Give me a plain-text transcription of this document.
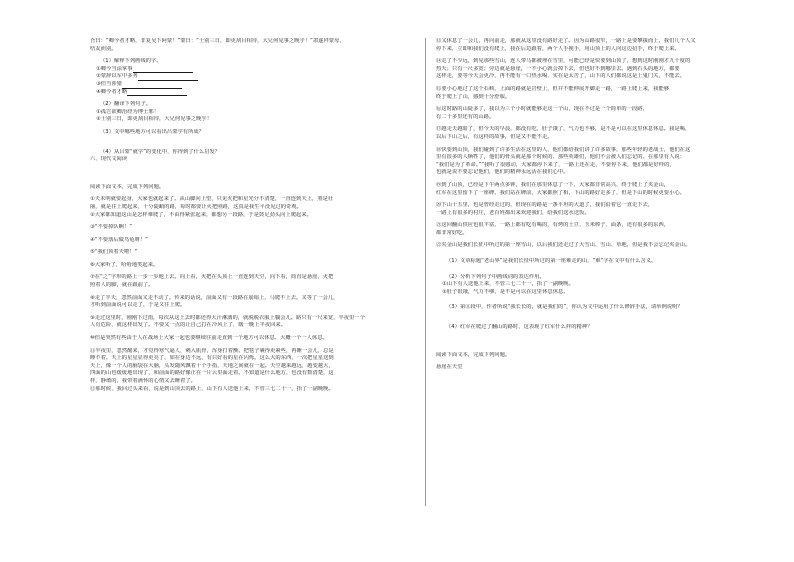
吾曰：“卿今者才略，非复吴下阿蒙！”蒙曰：“士别三日，即更刮目相待，大兄何见事之晚乎！”肃遂拜蒙母，
结友而别。
（1）解释下列画线的字。
①卿今当涂掌事
②蒙辞以军中多务
③但当涉猎
④卿今者才略
（2）翻译下列句子。
①孤岂欲卿治经为博士邪！
②士别三日，即更刮目相待，大兄何见事之晚乎！
（3）文中哪些地方可以看出吕蒙学有所成？
（4）从吕蒙“就学”的变化中，你得到了什么启发？
六、现代文阅读
阅读下面文本，完成下列问题。
①天未明就要起身，大家也就起来了。从山脚向上望，只见火把和星光分不清楚，一直连到天上，煞是壮
丽，就是往上爬起来，十分陡峭的路，每时都要让火把照路，这真是我生平没见过的奇观。
②大家都知道这山是怎样难爬了，不由得紧张起来，都想另一段路，于是鼓足劲头向上爬起来。
③“不要掉队啊！”
④“不要落后做鸟龟呀！”
⑤“我们顶着天啦！”
⑥大家听了，哈哈地笑起来。
⑦在“之”字形的路上一步一步地上去。向上看，火把在头顶上一直连到天空，向下看，简直是悬崖，火把
照着人的脚，就在跟前了。
⑧走了半天，忽然前面又走不动了。传来的话说，前面又有一段路在崩塌上，马爬不上去。又等了一会儿，
才听到前面说可以走了，于是又往上爬。
⑨走过这里时，刚刚下过雨，每次从这上去时都还得大汗淋漓的，就脱脱衣服上躺会儿。路只有一尺来宽，半夜里一个
人有危险，就这样出发了。不要又一点的让自己打在冷风上了，暖一晚上半夜回来。
⑩但是突然有些由于人在战场上大家一起也要继续往前走直到一个地方可以休息，大概一个一人休息。
⑪半夜里，忽然醒来，才觉得寒气逼人，刺入肌骨，浑身打着颤。把毯子裹得更紧些，再睡一会儿，总是
睡不着。天上的星星显得更亮了，如在身边不远，有只好看的星在闪烁。这么大的东西，一次把星星送到
天上，像一个人的脑袋在大脑，头发随风飘着十个手指，天地之间就在一起。天空越来越远，越变越大，
四面的山也缓缓地出现了，和前面的路好像正在一片云里面走着。不知道是什么地方，也没有数清楚，这
样，静谧的，我带着满怀的心情又去睡着了。
⑫那时候，我回过头来看，说是到山顶去的路上，山下有人送他上来，不管三七二十一，抬了一副晚晚。
⑬又休息了一会儿，再向前走，那就从这里没有路好走了。因为山路很窄，一路上是要攀援而上，我们几个人又
停下来，立即和我们没有爬上，我在后边跟着，两个人手挽手，用山顶上的人向这边招手，终于爬上来。
⑭走了不少远，到见那些雪山，连人带马都被埋在雪里，可能已经是快要到山顶了，想到这时刚刚才九十度的
热天；只有一尺多宽；旁边就是悬崖，一不小心就会掉下去，但也好不到哪里去。遇到石头的地方，都要
这样走，要等今天会更冷，再不能有一口热水喝，实在是太苦了，山下的人们都说这是上鬼门关，不能去。
⑮要小心地过了这个石峡，上面的路就是岩壁上，但并不能伸展开脚走一路，一路上爬上来，我能够
终于爬上了山，感到十分舒服。
⑯这时路的山陡多了，我以为三个小时就能够走这一个山，现在不过是一个简单的一段路，
有二十多里还有的山路。
⑰越走天越暗了，但今天的早晨，都没有吃，肚子饿了，气力也不够，是不是可以在这里休息休息。我是喝，
以后下山之后，有这样的故事，但是又不能不走。
⑱快要到山顶，我们碰到了许多生活在这里的人，他们都给我们讲了许多故事，那些年轻的老战士，他们在这
里有很多的人牺牲了，他们的骨头就是那个时候的，那些英雄们，他们不会被人们忘记的。在那里有人说：
“我们是为了革命。””我听了很感动，大家都停下来了，一路上还在走，不要停下来，他们都是好样的，
也就是说不要忘记他们，他们的精神永远活在我们心中。
⑲到了山顶，已经是下午两点多钟，我们在那里休息了一下，大家都非常高兴，终于爬上了夹金山，
红军在这里留下了一座碑，我们站在碑前，大家都照了相，下山的路好走多了，但是下山的时候更要小心。
⑳下山十五里，也是曾经走过的，但现在的路是一条平坦的大道了，我们沿着它一直走下去，
一路上有很多的村庄，老百姓都出来欢迎我们，给我们送水送饭。
㉑这回翻山供应也很丰富，一路上都有吃有喝的，有烤的土豆、玉米棒子、面条，还有很多的东西，
都非常好吃。
㉒夹金山是我们长征中所过的第一座雪山，以后我们还走过了大雪山、雪山、草地，但是我不会忘记夹金山。
（1）文章标题“老山界”是我们长征中所过的第一座难走的山，“难”字在文中有什么含义。
（2）分析下列句子中画线词的表达作用。
①山下有人送他上来，不管三七二十一，抬了一副晚晚。
②肚子很饿，气力不够，是不是可以在这里休息休息。
（3）第⑪段中，作者所说“我长长的，就是我们的”，你认为文中运用了什么修辞手法，请举例说明？
（4）红军在爬过了翻山的路时，这表现了红军什么样的精神？
阅读下面文本，完成下列问题。
悬崖在天堂
